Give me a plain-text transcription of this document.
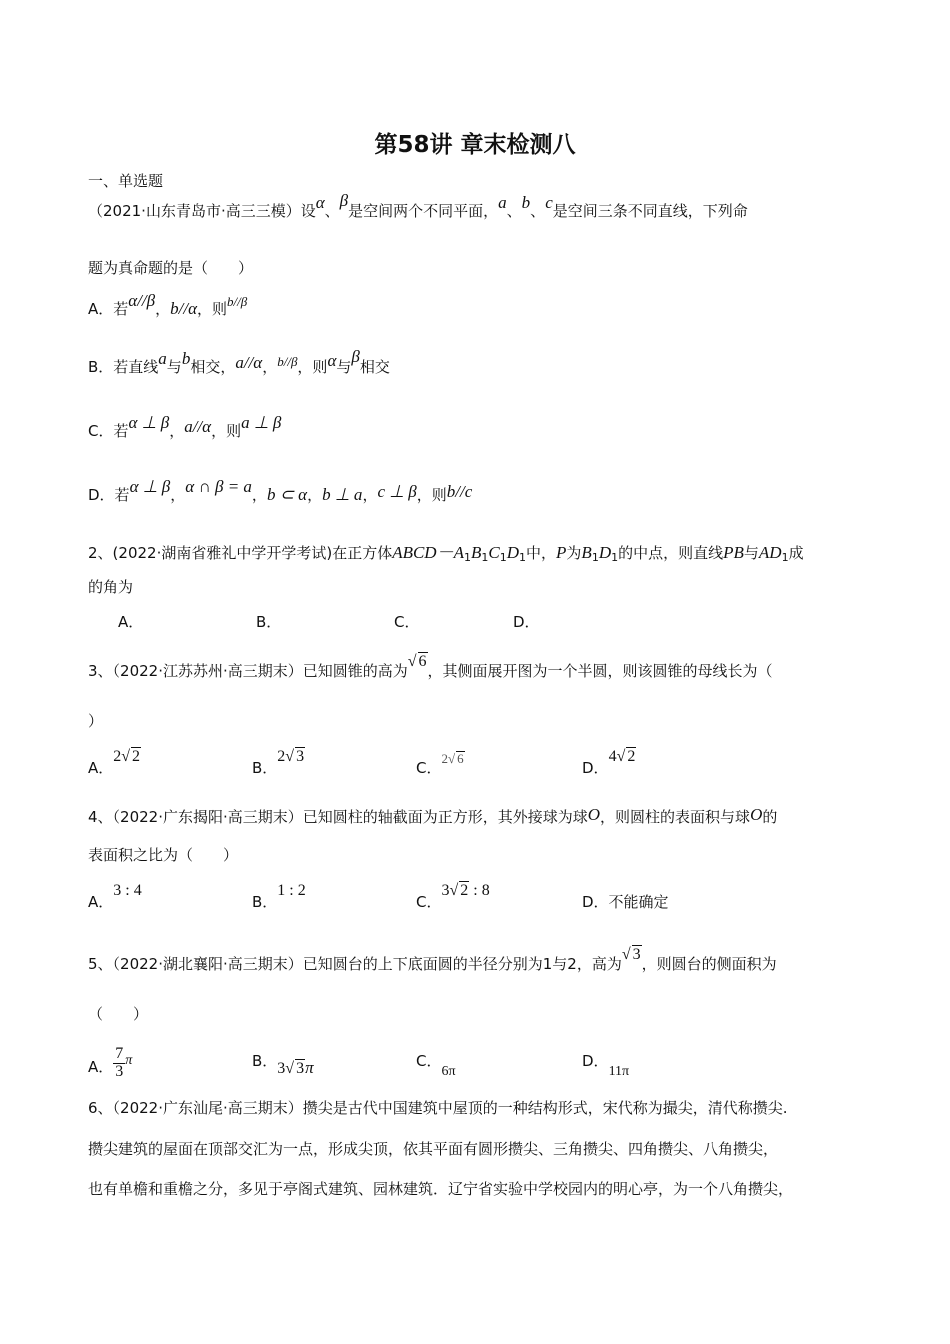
第58讲 章末检测八
一、单选题
（2021·山东青岛市·高三三模）设α、β是空间两个不同平面，a、b、c是空间三条不同直线，下列命
题为真命题的是（　　）
A．若α//β，b//α，则b//β
B．若直线a与b相交，a//α，b//β，则α与β相交
C．若α ⊥ β，a//α，则a ⊥ β
D．若α ⊥ β，α ∩ β = a，b ⊂ α，b ⊥ a，c ⊥ β，则b//c
2、(2022·湖南省雅礼中学开学考试)在正方体$ABCD-A_1B_1C_1D_1$中，P为$B_1D_1$的中点，则直线PB与$AD_1$成
的角为
A．	B．	C．	D．
3、（2022·江苏苏州·高三期末）已知圆锥的高为√ 6，其侧面展开图为一个半圆，则该圆锥的母线长为（
）
A．2√ 2
B．2√ 3
C．2√ 6
D．4√ 2
4、（2022·广东揭阳·高三期末）已知圆柱的轴截面为正方形，其外接球为球O，则圆柱的表面积与球O的
表面积之比为（　　）
A．3 : 4
B．1 : 2
C．3√ 2 : 8
D．不能确定
5、（2022·湖北襄阳·高三期末）已知圆台的上下底面圆的半径分别为1与2，高为√ 3，则圆台的侧面积为
（　　）
A． $\frac{7}{3}$ π	B．3√ 3π	C．6π
D．11π
6、（2022·广东汕尾·高三期末）攒尖是古代中国建筑中屋顶的一种结构形式，宋代称为撮尖，清代称攒尖.
攒尖建筑的屋面在顶部交汇为一点，形成尖顶，依其平面有圆形攒尖、三角攒尖、四角攒尖、八角攒尖，
也有单檐和重檐之分，多见于亭阁式建筑、园林建筑．辽宁省实验中学校园内的明心亭，为一个八角攒尖，
